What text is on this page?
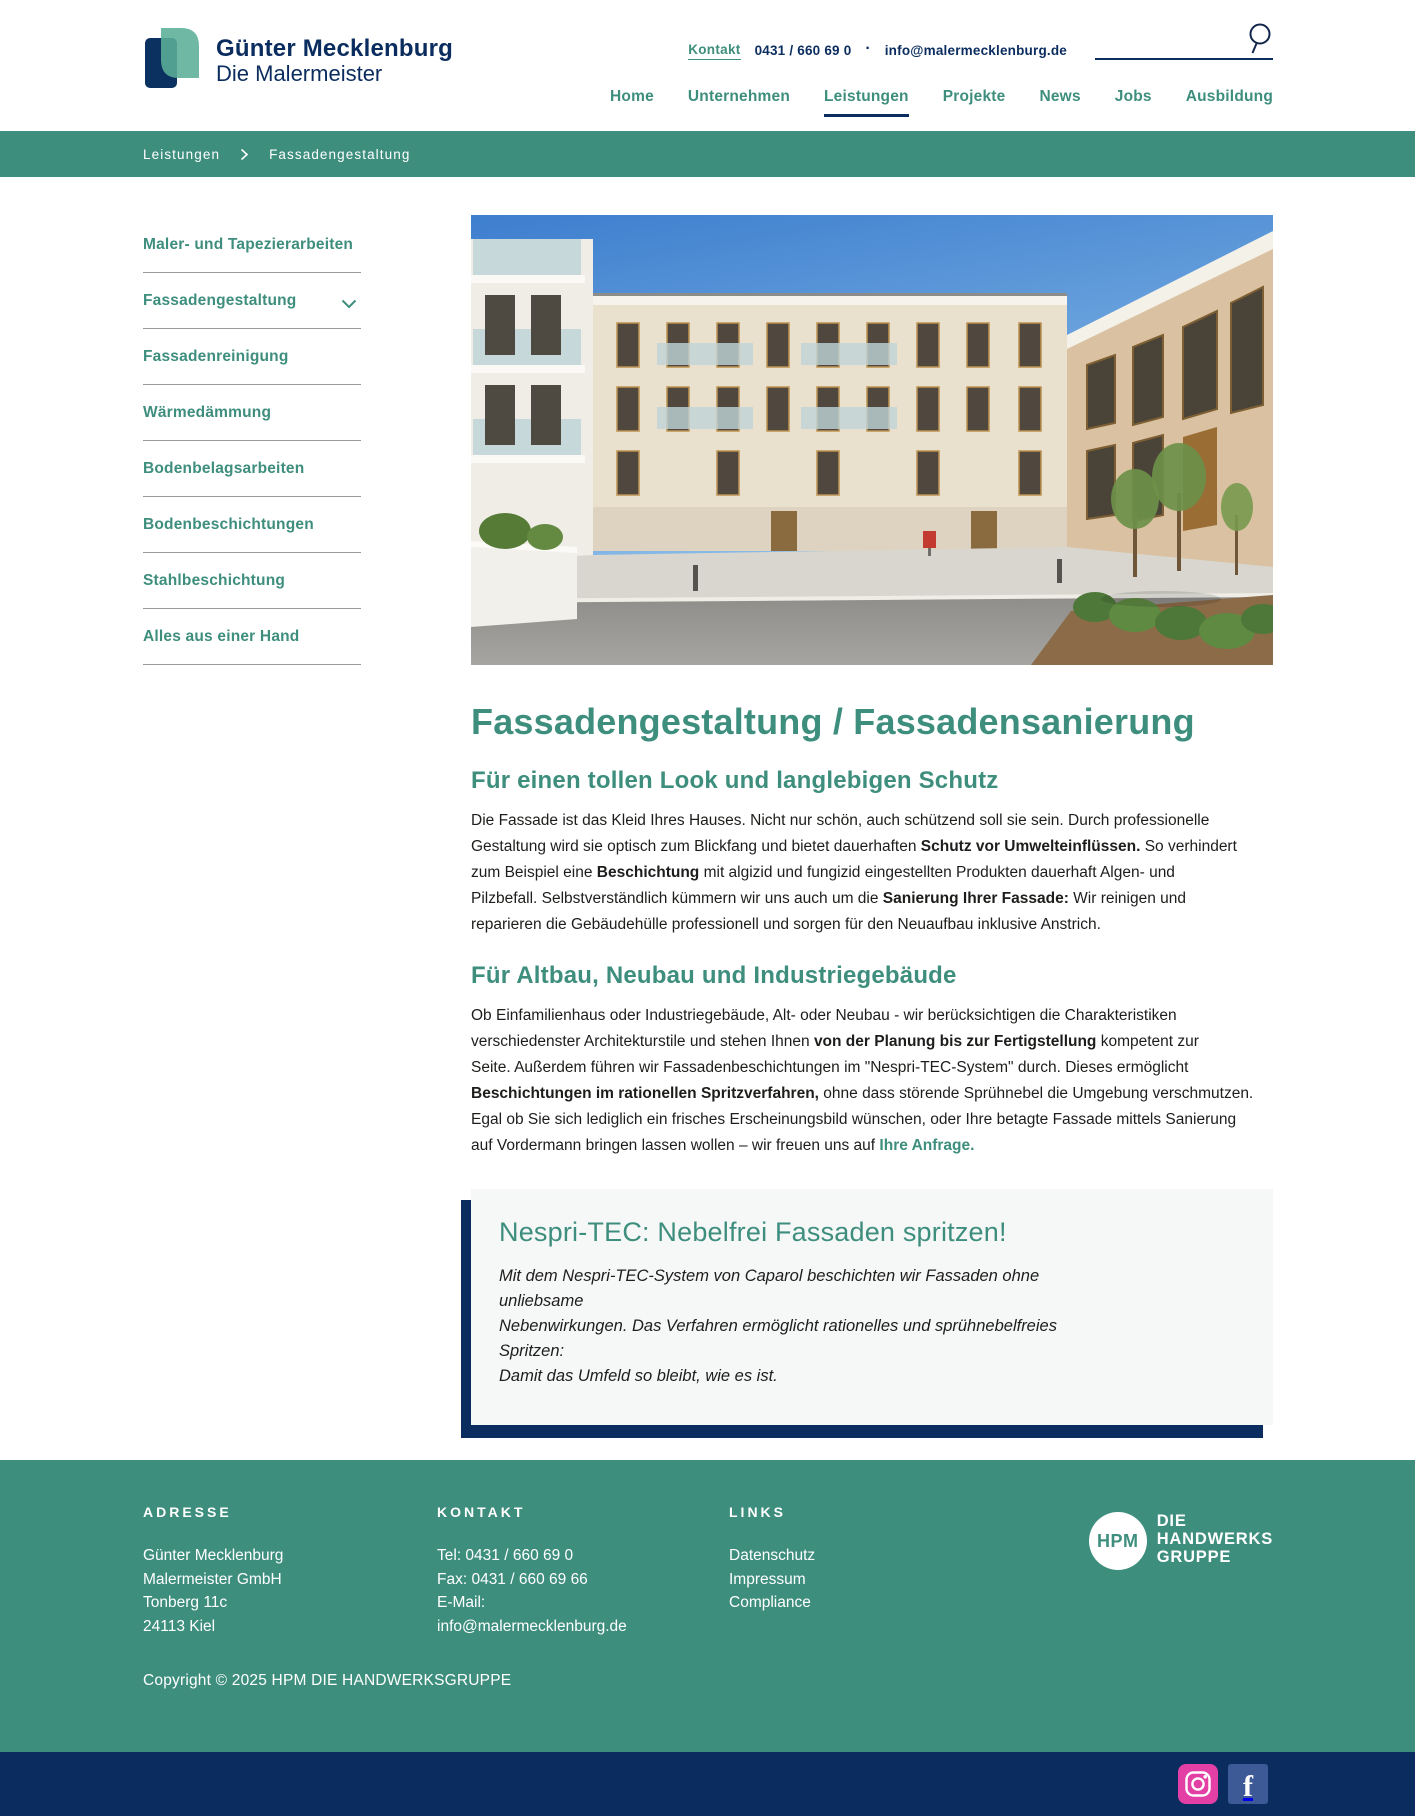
Günter Mecklenburg
Die Malermeister
Kontakt 0431 / 660 69 0 · info@malermecklenburg.de
Home Unternehmen Leistungen Projekte News Jobs Ausbildung
Leistungen	Fassadengestaltung
Maler- und Tapezierarbeiten
Fassadengestaltung
Fassadenreinigung
Wärmedämmung
Bodenbelagsarbeiten
Bodenbeschichtungen
Stahlbeschichtung
Alles aus einer Hand
Fassadengestaltung / Fassadensanierung
Für einen tollen Look und langlebigen Schutz

Die Fassade ist das Kleid Ihres Hauses. Nicht nur schön, auch schützend soll sie sein. Durch professionelle
Gestaltung wird sie optisch zum Blickfang und bietet dauerhaften Schutz vor Umwelteinflüssen. So verhindert
zum Beispiel eine Beschichtung mit algizid und fungizid eingestellten Produkten dauerhaft Algen- und
Pilzbefall. Selbstverständlich kümmern wir uns auch um die Sanierung Ihrer Fassade: Wir reinigen und
reparieren die Gebäudehülle professionell und sorgen für den Neuaufbau inklusive Anstrich.

Für Altbau, Neubau und Industriegebäude

Ob Einfamilienhaus oder Industriegebäude, Alt- oder Neubau - wir berücksichtigen die Charakteristiken
verschiedenster Architekturstile und stehen Ihnen von der Planung bis zur Fertigstellung kompetent zur
Seite. Außerdem führen wir Fassadenbeschichtungen im "Nespri-TEC-System" durch. Dieses ermöglicht
Beschichtungen im rationellen Spritzverfahren, ohne dass störende Sprühnebel die Umgebung verschmutzen.
Egal ob Sie sich lediglich ein frisches Erscheinungsbild wünschen, oder Ihre betagte Fassade mittels Sanierung
auf Vordermann bringen lassen wollen – wir freuen uns auf Ihre Anfrage.

Nespri-TEC: Nebelfrei Fassaden spritzen!

Mit dem Nespri-TEC-System von Caparol beschichten wir Fassaden ohne unliebsame
Nebenwirkungen. Das Verfahren ermöglicht rationelles und sprühnebelfreies Spritzen:
Damit das Umfeld so bleibt, wie es ist.

ADRESSE
Günter Mecklenburg
Malermeister GmbH
Tonberg 11c
24113 Kiel
KONTAKT
Tel: 0431 / 660 69 0
Fax: 0431 / 660 69 66
E-Mail:
info@malermecklenburg.de
LINKS
Datenschutz
Impressum
Compliance
HPM
DIE
HANDWERKS
GRUPPE
Copyright © 2025 HPM DIE HANDWERKSGRUPPE
f
